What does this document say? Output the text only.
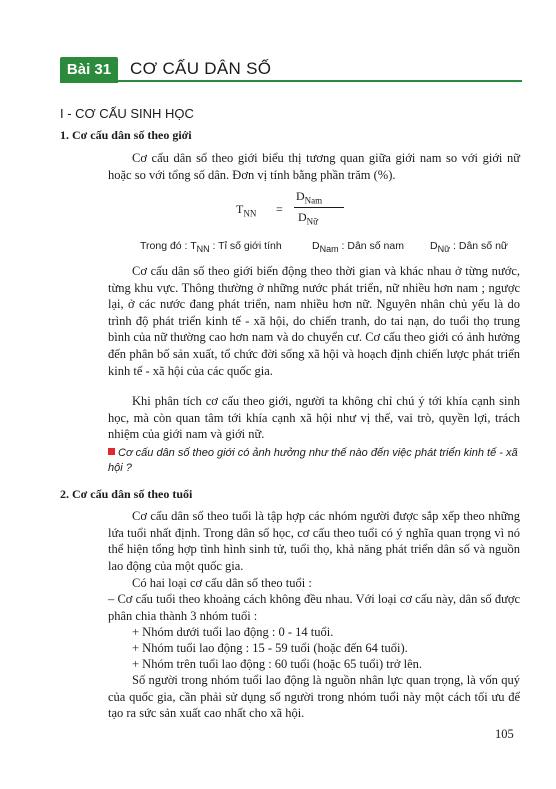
Bài 31	CƠ CẤU DÂN SỐ
I - CƠ CẤU SINH HỌC
1. Cơ cấu dân số theo giới

Cơ cấu dân số theo giới biểu thị tương quan giữa giới nam so với giới nữ hoặc so với tổng số dân. Đơn vị tính bằng phần trăm (%).

$T_{NN}$ =
$D_{Nam}$
$D_{Nữ}$
Trong đó : $T_{NN}$ : Tỉ số giới tính	$D_{Nam}$ : Dân số nam $D_{Nữ}$ : Dân số nữ

Cơ cấu dân số theo giới biến động theo thời gian và khác nhau ở từng nước, từng khu vực. Thông thường ở những nước phát triển, nữ nhiều hơn nam ; ngược lại, ở các nước đang phát triển, nam nhiều hơn nữ. Nguyên nhân chủ yếu là do trình độ phát triển kinh tế - xã hội, do chiến tranh, do tai nạn, do tuổi thọ trung bình của nữ thường cao hơn nam và do chuyển cư. Cơ cấu theo giới có ảnh hưởng đến phân bố sản xuất, tổ chức đời sống xã hội và hoạch định chiến lược phát triển kinh tế - xã hội của các quốc gia.

Khi phân tích cơ cấu theo giới, người ta không chỉ chú ý tới khía cạnh sinh học, mà còn quan tâm tới khía cạnh xã hội như vị thế, vai trò, quyền lợi, trách nhiệm của giới nam và giới nữ.

Cơ cấu dân số theo giới có ảnh hưởng như thế nào đến việc phát triển kinh tế - xã hội ?

2. Cơ cấu dân số theo tuổi

Cơ cấu dân số theo tuổi là tập hợp các nhóm người được sắp xếp theo những lứa tuổi nhất định. Trong dân số học, cơ cấu theo tuổi có ý nghĩa quan trọng vì nó thể hiện tổng hợp tình hình sinh tử, tuổi thọ, khả năng phát triển dân số và nguồn lao động của một quốc gia.

Có hai loại cơ cấu dân số theo tuổi :

– Cơ cấu tuổi theo khoảng cách không đều nhau. Với loại cơ cấu này, dân số được phân chia thành 3 nhóm tuổi :

+ Nhóm dưới tuổi lao động : 0 - 14 tuổi.
+ Nhóm tuổi lao động : 15 - 59 tuổi (hoặc đến 64 tuổi).
+ Nhóm trên tuổi lao động : 60 tuổi (hoặc 65 tuổi) trở lên.

Số người trong nhóm tuổi lao động là nguồn nhân lực quan trọng, là vốn quý của quốc gia, cần phải sử dụng số người trong nhóm tuổi này một cách tối ưu để tạo ra sức sản xuất cao nhất cho xã hội.

105
